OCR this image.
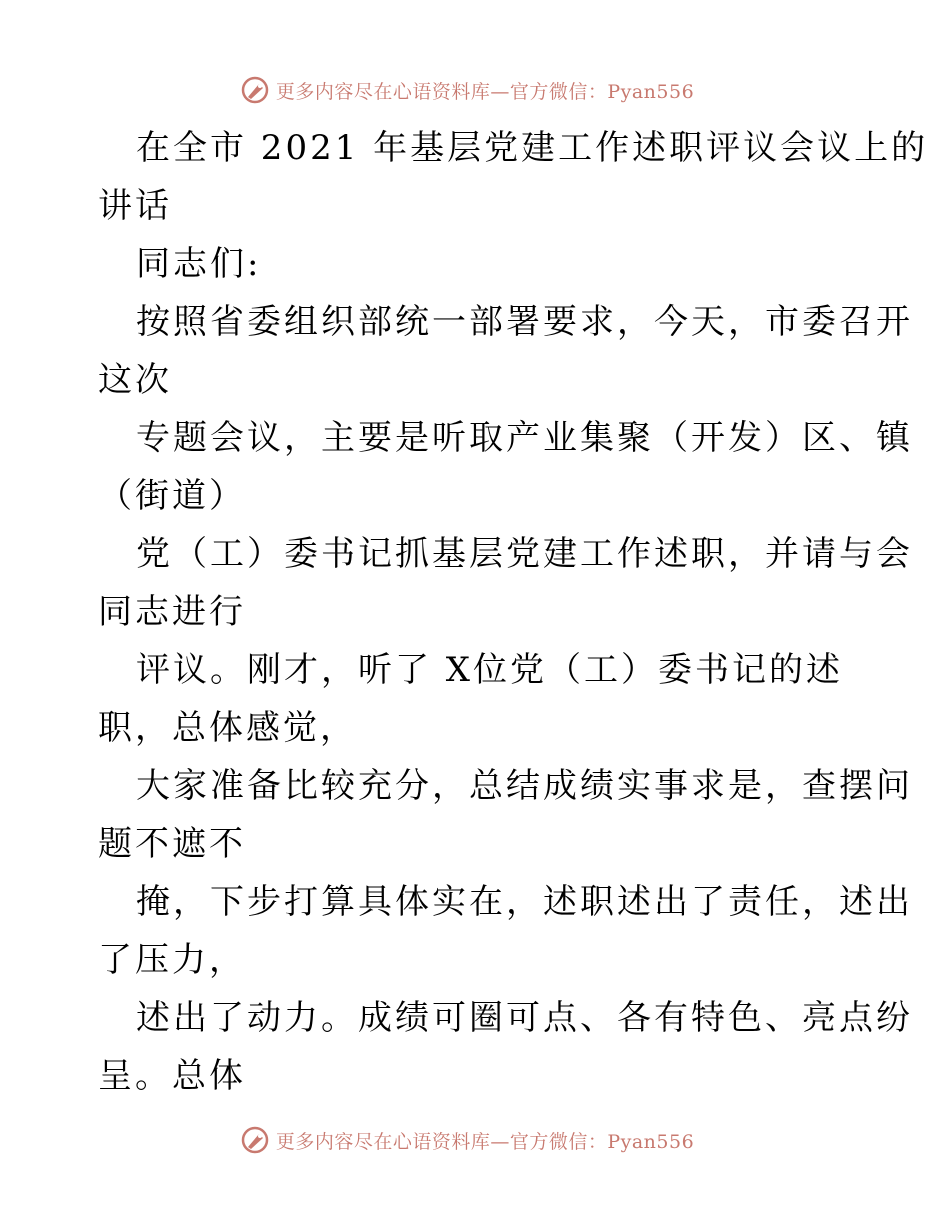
更多内容尽在心语资料库—官方微信：Pyan556
在全市 2021 年基层党建工作述职评议会议上的
讲话
同志们:
按照省委组织部统一部署要求，今天，市委召开
这次
专题会议，主要是听取产业集聚（开发）区、镇
（街道）
党（工）委书记抓基层党建工作述职，并请与会
同志进行
评议。刚才，听了 X位党（工）委书记的述
职，总体感觉，
大家准备比较充分，总结成绩实事求是，查摆问
题不遮不
掩，下步打算具体实在，述职述出了责任，述出
了压力，
述出了动力。成绩可圈可点、各有特色、亮点纷
呈。总体
更多内容尽在心语资料库—官方微信：Pyan556
